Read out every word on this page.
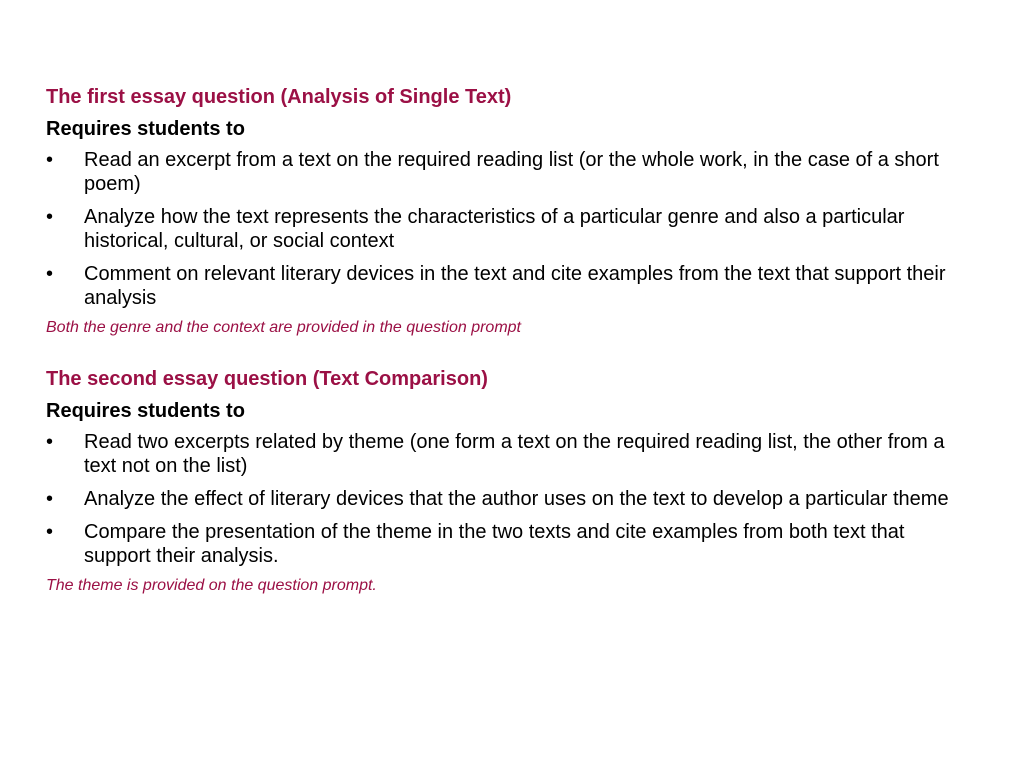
The first essay question (Analysis of Single Text)
Requires students to
•	Read an excerpt from a text on the required reading list (or the whole work, in the case of a short poem)
•	Analyze how the text represents the characteristics of a particular genre and also a particular historical, cultural, or social context
•	Comment on relevant literary devices in the text and cite examples from the text that support their analysis
Both the genre and the context are provided in the question prompt
The second essay question (Text Comparison)
Requires students to
•	Read two excerpts related by theme (one form a text on the required reading list, the other from a text not on the list)
•	Analyze the effect of literary devices that the author uses on the text to develop a particular theme
•	Compare the presentation of the theme in the two texts and cite examples from both text that support their analysis.
The theme is provided on the question prompt.
